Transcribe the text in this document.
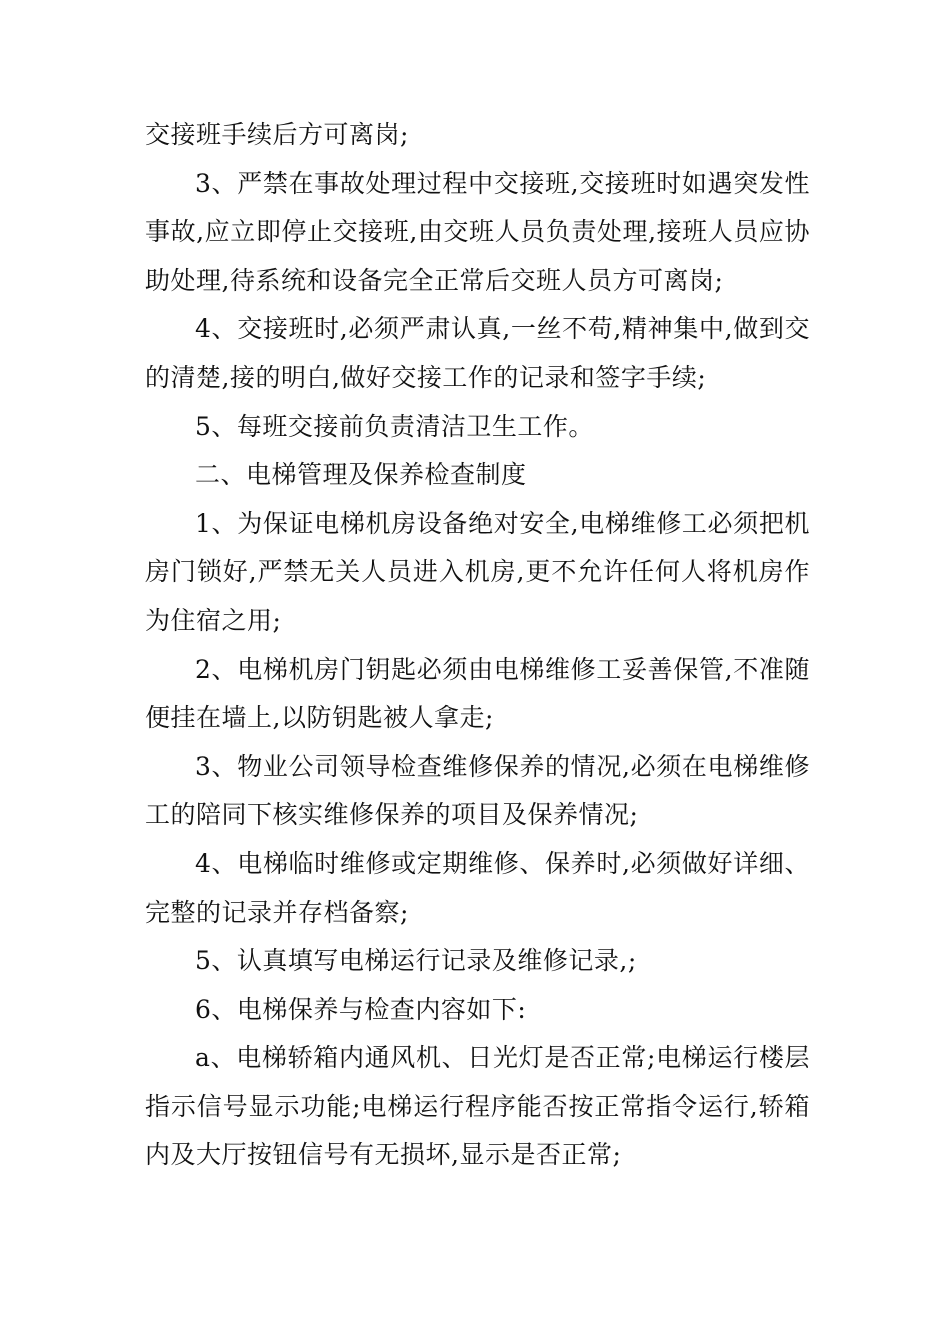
交接班手续后方可离岗;

3、严禁在事故处理过程中交接班,交接班时如遇突发性事故,应立即停止交接班,由交班人员负责处理,接班人员应协助处理,待系统和设备完全正常后交班人员方可离岗;

4、交接班时,必须严肃认真,一丝不苟,精神集中,做到交的清楚,接的明白,做好交接工作的记录和签字手续;

5、每班交接前负责清洁卫生工作。

二、电梯管理及保养检查制度

1、为保证电梯机房设备绝对安全,电梯维修工必须把机房门锁好,严禁无关人员进入机房,更不允许任何人将机房作为住宿之用;

2、电梯机房门钥匙必须由电梯维修工妥善保管,不准随便挂在墙上,以防钥匙被人拿走;

3、物业公司领导检查维修保养的情况,必须在电梯维修工的陪同下核实维修保养的项目及保养情况;

4、电梯临时维修或定期维修、保养时,必须做好详细、完整的记录并存档备察;

5、认真填写电梯运行记录及维修记录,;

6、电梯保养与检查内容如下:

a、电梯轿箱内通风机、日光灯是否正常;电梯运行楼层指示信号显示功能;电梯运行程序能否按正常指令运行,轿箱内及大厅按钮信号有无损坏,显示是否正常;
